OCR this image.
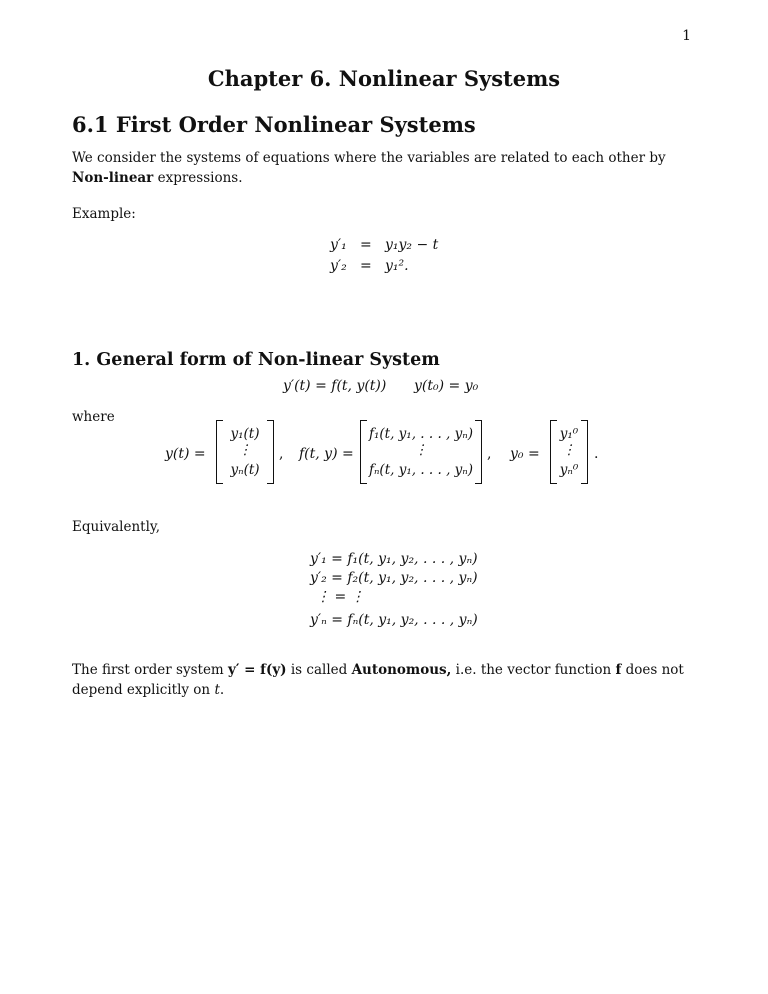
1
Chapter 6. Nonlinear Systems
6.1 First Order Nonlinear Systems
We consider the systems of equations where the variables are related to each other by Non-linear expressions.
Example:
y′₁ = y₁y₂ − t
y′₂ = y₁².
1. General form of Non-linear System
y′(t) = f(t, y(t)) y(t₀) = y₀
where
y(t) =
y₁(t)
⋮
yₙ(t)
, f(t, y) =
f₁(t, y₁, . . . , yₙ)
⋮
fₙ(t, y₁, . . . , yₙ)
, y₀ =
y₁⁰
⋮
yₙ⁰
.
Equivalently,
y′₁ = f₁(t, y₁, y₂, . . . , yₙ)
y′₂ = f₂(t, y₁, y₂, . . . , yₙ)
⋮ = ⋮
y′ₙ = fₙ(t, y₁, y₂, . . . , yₙ)
The first order system y′ = f(y) is called Autonomous, i.e. the vector function f does not depend explicitly on t.
